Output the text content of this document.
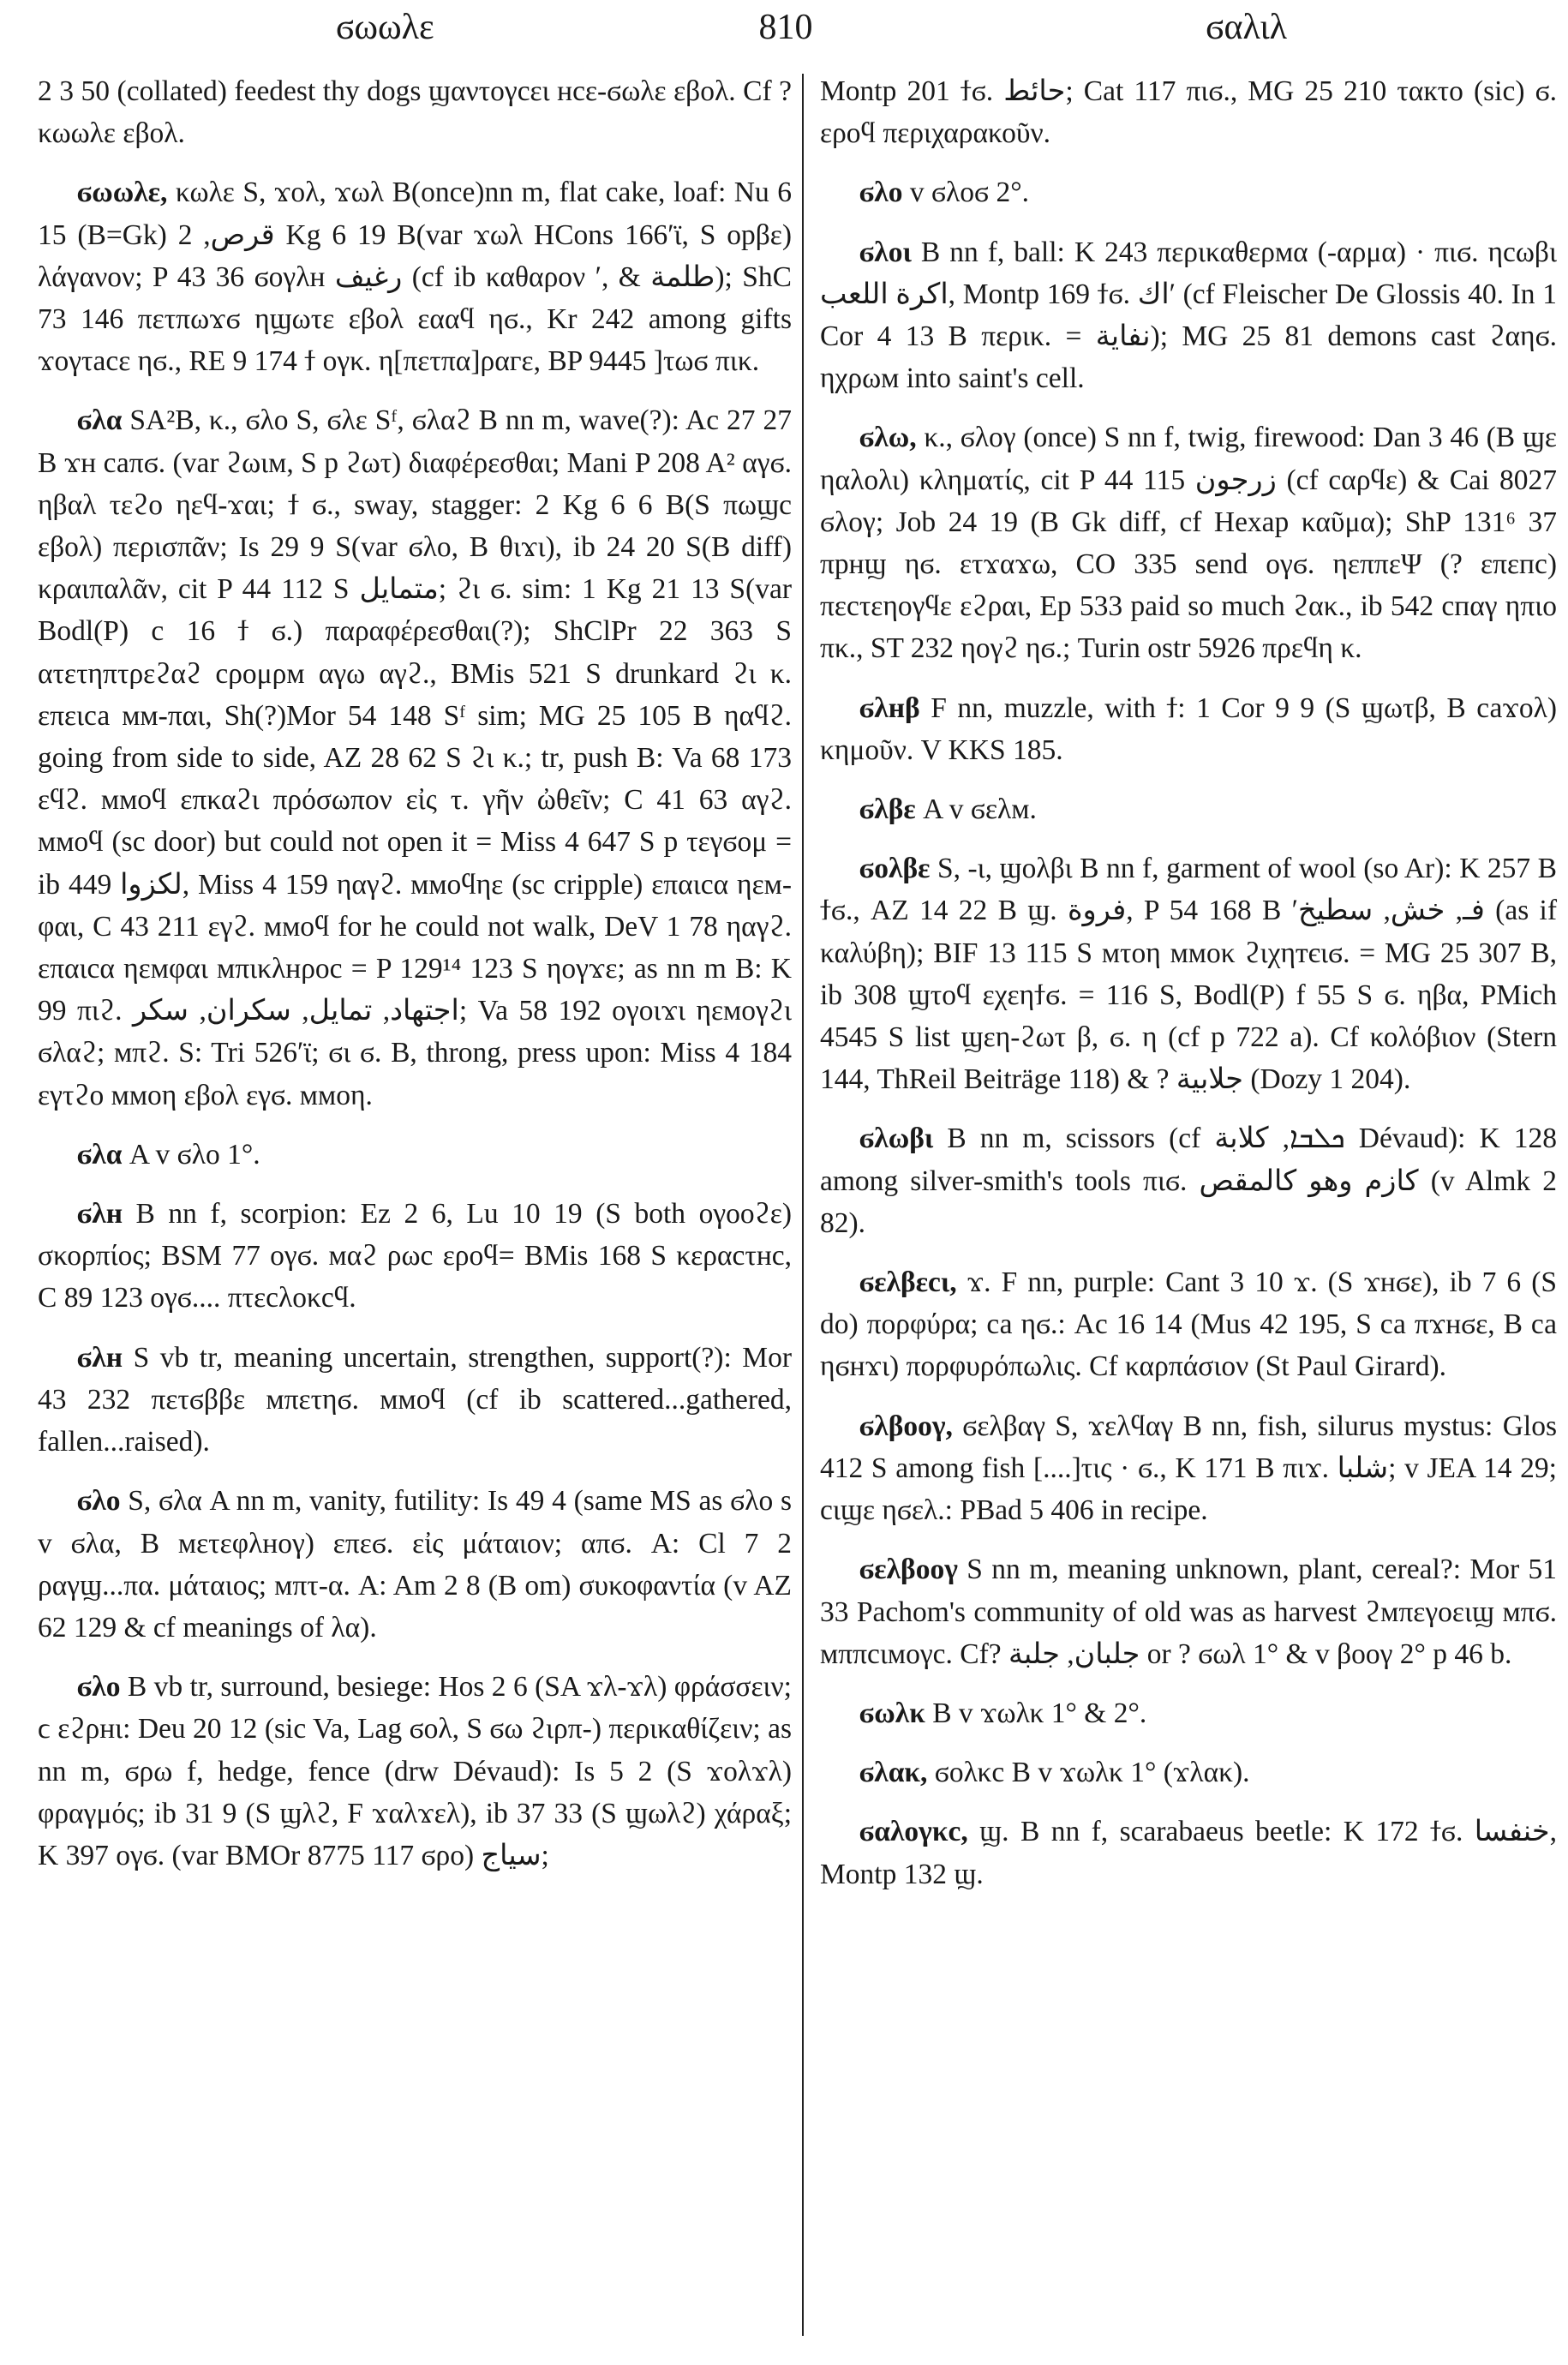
ϭωωλε	810	ϭαλιλ

2 3 50 (collated) feedest thy dogs ϣαντογсει нсε-ϭωλε εβολ. Cf ? κωωλε εβολ.

ϭωωλε, κωλε S, ϫολ, ϫωλ B(once)nn m, flat cake, loaf: Nu 6 15 (B=Gk) قرص, 2 Kg 6 19 B(var ϫωλ HCons 166ʹϊ, S opβε) λάγανον; P 43 36 ϭογλн رغيف (cf ib καθαρον ʹ, & طلمة); ShC 73 146 πετπωϫϭ ηϣωτε εβολ εααϥ ηϭ., Kr 242 among gifts ϫογτасε ηϭ., RE 9 174 ϯ ογκ. η[πετπα]ραгε, BP 9445 ]τωϭ πικ.

ϭλα SA²B, κ., ϭλο S, ϭλε Sᶠ, ϭλαϩ B nn m, wave(?): Ac 27 27 B ϫн саπϭ. (var ϩωιм, S p ϩωτ) διαφέρεσθαι; Mani P 208 A² αγϭ. ηβαλ τεϩο ηεϥ-ϫαι; ϯ ϭ., sway, stagger: 2 Kg 6 6 B(S πωϣс εβολ) περισπᾶν; Is 29 9 S(var ϭλο, B θιϫι), ib 24 20 S(B diff) κραιπαλᾶν, cit P 44 112 S متمايل; ϩι ϭ. sim: 1 Kg 21 13 S(var Bodl(P) c 16 ϯ ϭ.) παραφέρεσθαι(?); ShClPr 22 363 S ατετηπτρεϩαϩ сρομρм αγω αγϩ., BMis 521 S drunkard ϩι κ. επειса мм-παι, Sh(?)Mor 54 148 Sᶠ sim; MG 25 105 B ηαϥϩ. going from side to side, AZ 28 62 S ϩι κ.; tr, push B: Va 68 173 εϥϩ. ммоϥ επκαϩι πρόσωπον εἰς τ. γῆν ὠθεῖν; C 41 63 αγϩ. ммоϥ (sc door) but could not open it = Miss 4 647 S p τεγϭομ = ib 449 لكزوا, Miss 4 159 ηαγϩ. ммоϥηε (sc cripple) επαιсα ηεм-φαι, C 43 211 εγϩ. ммоϥ for he could not walk, DeV 1 78 ηαγϩ. επαιсα ηεмφαι мπικλнροс = P 129¹⁴ 123 S ηογϫε; as nn m B: K 99 πιϩ. اجتهاد, تمايل, سكران, سكر; Va 58 192 ογοιϫι ηεмογϩι ϭλαϩ; мπϩ. S: Tri 526ʹϊ; ϭι ϭ. B, throng, press upon: Miss 4 184 εγτϩο ммоη εβολ εγϭ. ммоη.

ϭλα A v ϭλο 1°.

ϭλн B nn f, scorpion: Ez 2 6, Lu 10 19 (S both ογοοϩε) σκορπίος; BSM 77 ογϭ. мαϩ ρωс εροϥ= BMis 168 S κεραсτнс, C 89 123 ογϭ.... πτεсλοκсϥ.

ϭλн S vb tr, meaning uncertain, strengthen, support(?): Mor 43 232 πετϭββε мπετηϭ. ммоϥ (cf ib scattered...gathered, fallen...raised).

ϭλο S, ϭλα A nn m, vanity, futility: Is 49 4 (same MS as ϭλο s v ϭλα, B мετεφλнογ) επεϭ. εἰς μάταιον; απϭ. A: Cl 7 2 ραγϣ...πα. μάταιος; мπτ-α. A: Am 2 8 (B om) συκοφαντία (v AZ 62 129 & cf meanings of λα).

ϭλο B vb tr, surround, besiege: Hos 2 6 (SA ϫλ-ϫλ) φράσσειν; ϲ εϩρнι: Deu 20 12 (sic Va, Lag ϭολ, S ϭω ϩιρπ-) περικαθίζειν; as nn m, ϭρω f, hedge, fence (drw Dévaud): Is 5 2 (S ϫολϫλ) φραγμός; ib 31 9 (S ϣλϩ, F ϫαλϫελ), ib 37 33 (S ϣωλϩ) χάραξ; K 397 ογϭ. (var BMOr 8775 117 ϭρο) سياج;

Montp 201 ϯϭ. حائط; Cat 117 πιϭ., MG 25 210 ταкτο (sic) ϭ. εροϥ περιχαρακοῦν.

ϭλο v ϭλοϭ 2°.

ϭλοι B nn f, ball: K 243 περικαθερмα (-αρμα) · πιϭ. ηсωβι اكرة اللعب, Montp 169 ϯϭ. اكʹ (cf Fleischer De Glossis 40. In 1 Cor 4 13 B περικ. = نفاية); MG 25 81 demons cast ϩαηϭ. ηχρωм into saint's cell.

ϭλω, κ., ϭλογ (once) S nn f, twig, firewood: Dan 3 46 (B ϣε ηαλολι) κληματίς, cit P 44 115 زرجون (cf сαρϥε) & Cai 8027 ϭλογ; Job 24 19 (B Gk diff, cf Hexap καῦμα); ShP 131⁶ 37 πрнϣ ηϭ. ετϫαϫω, CO 335 send ογϭ. ηεππεΨ (? επεпс) πεсτεηογϥε εϩραι, Ep 533 paid so much ϩακ., ib 542 спαγ ηπιο πκ., ST 232 ηογϩ ηϭ.; Turin ostr 5926 πρεϥη κ.

ϭλнβ F nn, muzzle, with ϯ: 1 Cor 9 9 (S ϣωτβ, B саϫολ) κημοῦν. V KKS 185.

ϭλβε A v ϭελм.

ϭολβε S, -ι, ϣολβι B nn f, garment of wool (so Ar): K 257 B ϯϭ., AZ 14 22 B ϣ. فروة, P 54 168 B ʹفـ, خش, سطيخ (as if καλύβη); BIF 13 115 S мτοη ммοκ ϩιχηтєιϭ. = MG 25 307 B, ib 308 ϣτοϥ εχεηϯϭ. = 116 S, Bodl(P) f 55 S ϭ. ηβα, PMich 4545 S list ϣεη-ϩωτ β, ϭ. η (cf p 722 a). Cf κολόβιον (Stern 144, ThReil Beiträge 118) & ? جلابية (Dozy 1 204).

ϭλωβι B nn m, scissors (cf ܟܠܒܐ, كلابة Dévaud): K 128 among silver-smith's tools πιϭ. كازم وهو كالمقص (v Almk 2 82).

ϭελβεсι, ϫ. F nn, purple: Cant 3 10 ϫ. (S ϫнϭε), ib 7 6 (S do) πορφύρα; са ηϭ.: Ac 16 14 (Mus 42 195, S са πϫнϭε, B са ηϭнϫι) πορφυρόπωλις. Cf καρπάσιον (St Paul Girard).

ϭλβοογ, ϭελβαγ S, ϫελϥαγ B nn, fish, silurus mystus: Glos 412 S among fish [....]τις · ϭ., K 171 B πιϫ. شلبا; v JEA 14 29; сιϣε ηϭελ.: PBad 5 406 in recipe.

ϭελβοογ S nn m, meaning unknown, plant, cereal?: Mor 51 33 Pachom's community of old was as harvest ϩмπεγοειϣ мπϭ. мππсιмογс. Cf? جلبان, جلبة or ? ϭωλ 1° & v βοογ 2° p 46 b.

ϭωλκ B v ϫωλκ 1° & 2°.

ϭλακ, ϭολκс B v ϫωλκ 1° (ϫλακ).

ϭαλογκс, ϣ. B nn f, scarabaeus beetle: K 172 ϯϭ. خنفسا, Montp 132 ϣ.
